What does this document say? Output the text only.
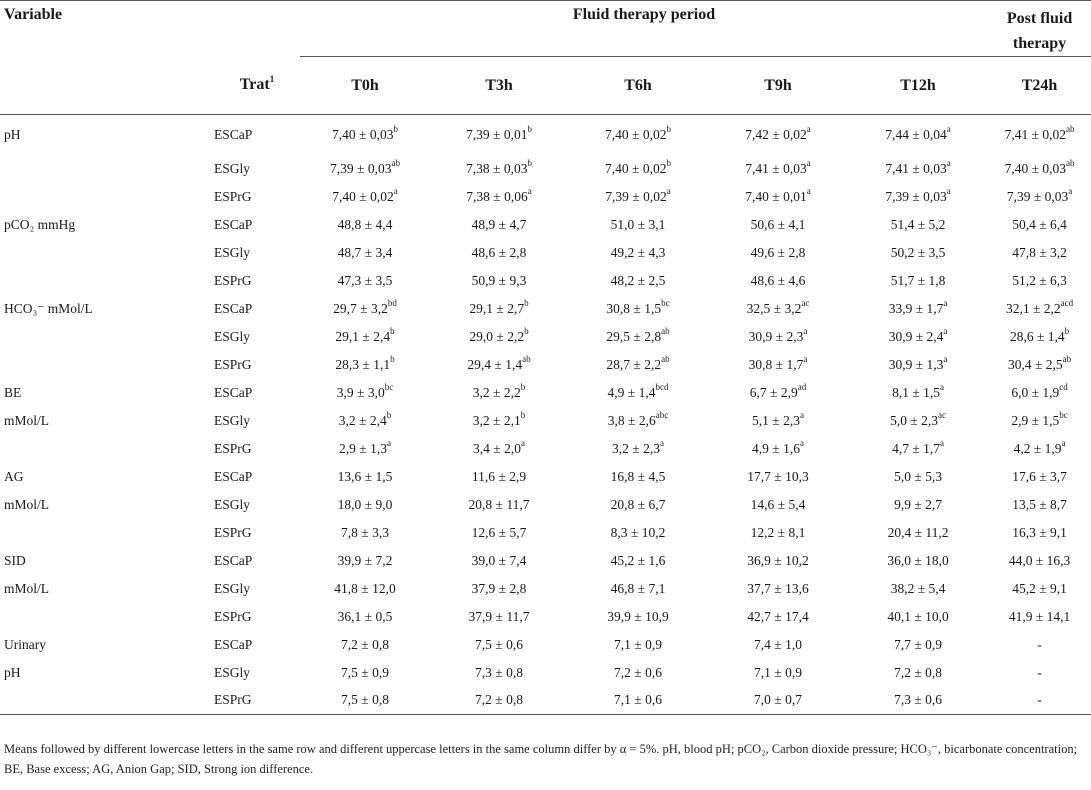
Variable		Fluid therapy period					Post fluid
therapy
	Trat$^1$	T0h	T3h	T6h	T9h	T12h	T24h
pH	ESCaP	7,40 ± 0,03$^b$	7,39 ± 0,01$^b$	7,40 ± 0,02$^b$	7,42 ± 0,02$^a$	7,44 ± 0,04$^a$	7,41 ± 0,02$^{ab}$
	ESGly	7,39 ± 0,03$^{ab}$	7,38 ± 0,03$^b$	7,40 ± 0,02$^b$	7,41 ± 0,03$^a$	7,41 ± 0,03$^a$	7,40 ± 0,03$^{ab}$
	ESPrG	7,40 ± 0,02$^a$	7,38 ± 0,06$^a$	7,39 ± 0,02$^a$	7,40 ± 0,01$^a$	7,39 ± 0,03$^a$	7,39 ± 0,03$^a$
pCO₂ mmHg	ESCaP	48,8 ± 4,4	48,9 ± 4,7	51,0 ± 3,1	50,6 ± 4,1	51,4 ± 5,2	50,4 ± 6,4
	ESGly	48,7 ± 3,4	48,6 ± 2,8	49,2 ± 4,3	49,6 ± 2,8	50,2 ± 3,5	47,8 ± 3,2
	ESPrG	47,3 ± 3,5	50,9 ± 9,3	48,2 ± 2,5	48,6 ± 4,6	51,7 ± 1,8	51,2 ± 6,3
HCO₃⁻ mMol/L	ESCaP	29,7 ± 3,2$^{bd}$	29,1 ± 2,7$^b$	30,8 ± 1,5$^{bc}$	32,5 ± 3,2$^{ac}$	33,9 ± 1,7$^a$	32,1 ± 2,2$^{acd}$
	ESGly	29,1 ± 2,4$^b$	29,0 ± 2,2$^b$	29,5 ± 2,8$^{ab}$	30,9 ± 2,3$^a$	30,9 ± 2,4$^a$	28,6 ± 1,4$^b$
	ESPrG	28,3 ± 1,1$^b$	29,4 ± 1,4$^{ab}$	28,7 ± 2,2$^{ab}$	30,8 ± 1,7$^a$	30,9 ± 1,3$^a$	30,4 ± 2,5$^{ab}$
BE	ESCaP	3,9 ± 3,0$^{bc}$	3,2 ± 2,2$^b$	4,9 ± 1,4$^{bcd}$	6,7 ± 2,9$^{ad}$	8,1 ± 1,5$^a$	6,0 ± 1,9$^{cd}$
mMol/L	ESGly	3,2 ± 2,4$^b$	3,2 ± 2,1$^b$	3,8 ± 2,6$^{abc}$	5,1 ± 2,3$^a$	5,0 ± 2,3$^{ac}$	2,9 ± 1,5$^{bc}$
	ESPrG	2,9 ± 1,3$^a$	3,4 ± 2,0$^a$	3,2 ± 2,3$^a$	4,9 ± 1,6$^a$	4,7 ± 1,7$^a$	4,2 ± 1,9$^a$
AG	ESCaP	13,6 ± 1,5	11,6 ± 2,9	16,8 ± 4,5	17,7 ± 10,3	5,0 ± 5,3	17,6 ± 3,7
mMol/L	ESGly	18,0 ± 9,0	20,8 ± 11,7	20,8 ± 6,7	14,6 ± 5,4	9,9 ± 2,7	13,5 ± 8,7
	ESPrG	7,8 ± 3,3	12,6 ± 5,7	8,3 ± 10,2	12,2 ± 8,1	20,4 ± 11,2	16,3 ± 9,1
SID	ESCaP	39,9 ± 7,2	39,0 ± 7,4	45,2 ± 1,6	36,9 ± 10,2	36,0 ± 18,0	44,0 ± 16,3
mMol/L	ESGly	41,8 ± 12,0	37,9 ± 2,8	46,8 ± 7,1	37,7 ± 13,6	38,2 ± 5,4	45,2 ± 9,1
	ESPrG	36,1 ± 0,5	37,9 ± 11,7	39,9 ± 10,9	42,7 ± 17,4	40,1 ± 10,0	41,9 ± 14,1
Urinary	ESCaP	7,2 ± 0,8	7,5 ± 0,6	7,1 ± 0,9	7,4 ± 1,0	7,7 ± 0,9	-
pH	ESGly	7,5 ± 0,9	7,3 ± 0,8	7,2 ± 0,6	7,1 ± 0,9	7,2 ± 0,8	-
	ESPrG	7,5 ± 0,8	7,2 ± 0,8	7,1 ± 0,6	7,0 ± 0,7	7,3 ± 0,6	-
Means followed by different lowercase letters in the same row and different uppercase letters in the same column differ by α = 5%. pH, blood pH; pCO₂, Carbon dioxide pressure; HCO₃⁻, bicarbonate concentration; BE, Base excess; AG, Anion Gap; SID, Strong ion difference.
